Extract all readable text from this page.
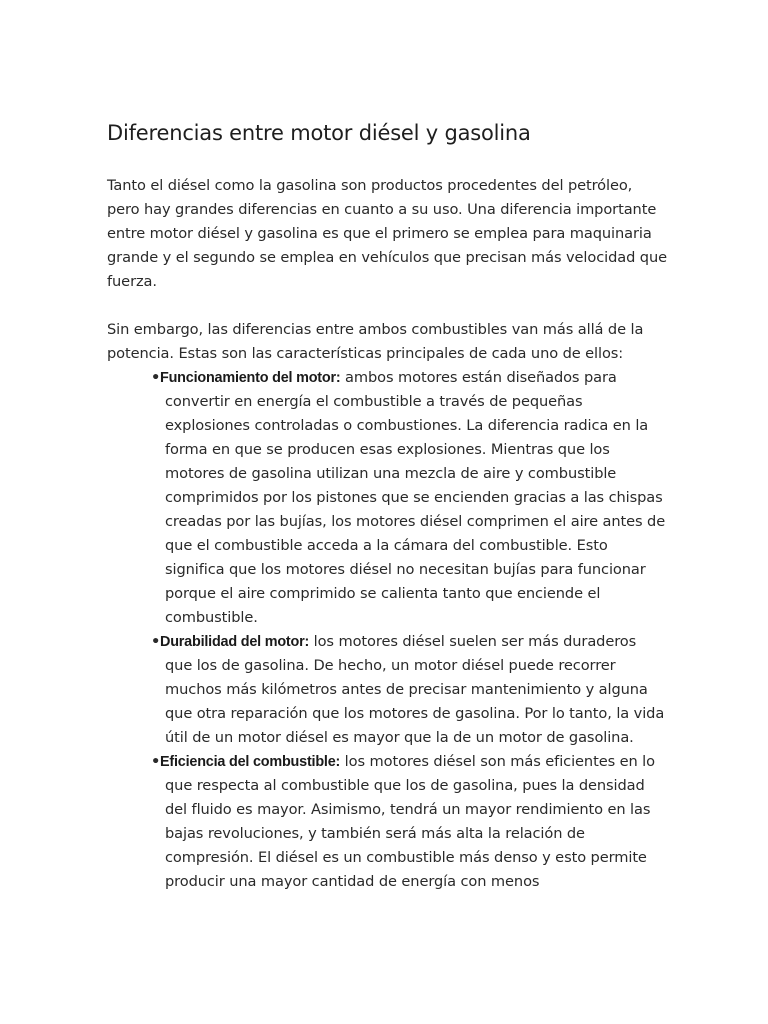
Diferencias entre motor diésel y gasolina

Tanto el diésel como la gasolina son productos procedentes del petróleo, pero hay grandes diferencias en cuanto a su uso. Una diferencia importante entre motor diésel y gasolina es que el primero se emplea para maquinaria grande y el segundo se emplea en vehículos que precisan más velocidad que fuerza.

Sin embargo, las diferencias entre ambos combustibles van más allá de la potencia. Estas son las características principales de cada uno de ellos:

•Funcionamiento del motor: ambos motores están diseñados para convertir en energía el combustible a través de pequeñas explosiones controladas o combustiones. La diferencia radica en la forma en que se producen esas explosiones. Mientras que los motores de gasolina utilizan una mezcla de aire y combustible comprimidos por los pistones que se encienden gracias a las chispas creadas por las bujías, los motores diésel comprimen el aire antes de que el combustible acceda a la cámara del combustible. Esto significa que los motores diésel no necesitan bujías para funcionar porque el aire comprimido se calienta tanto que enciende el combustible.
•Durabilidad del motor: los motores diésel suelen ser más duraderos que los de gasolina. De hecho, un motor diésel puede recorrer muchos más kilómetros antes de precisar mantenimiento y alguna que otra reparación que los motores de gasolina. Por lo tanto, la vida útil de un motor diésel es mayor que la de un motor de gasolina.
•Eficiencia del combustible: los motores diésel son más eficientes en lo que respecta al combustible que los de gasolina, pues la densidad del fluido es mayor. Asimismo, tendrá un mayor rendimiento en las bajas revoluciones, y también será más alta la relación de compresión. El diésel es un combustible más denso y esto permite producir una mayor cantidad de energía con menos
